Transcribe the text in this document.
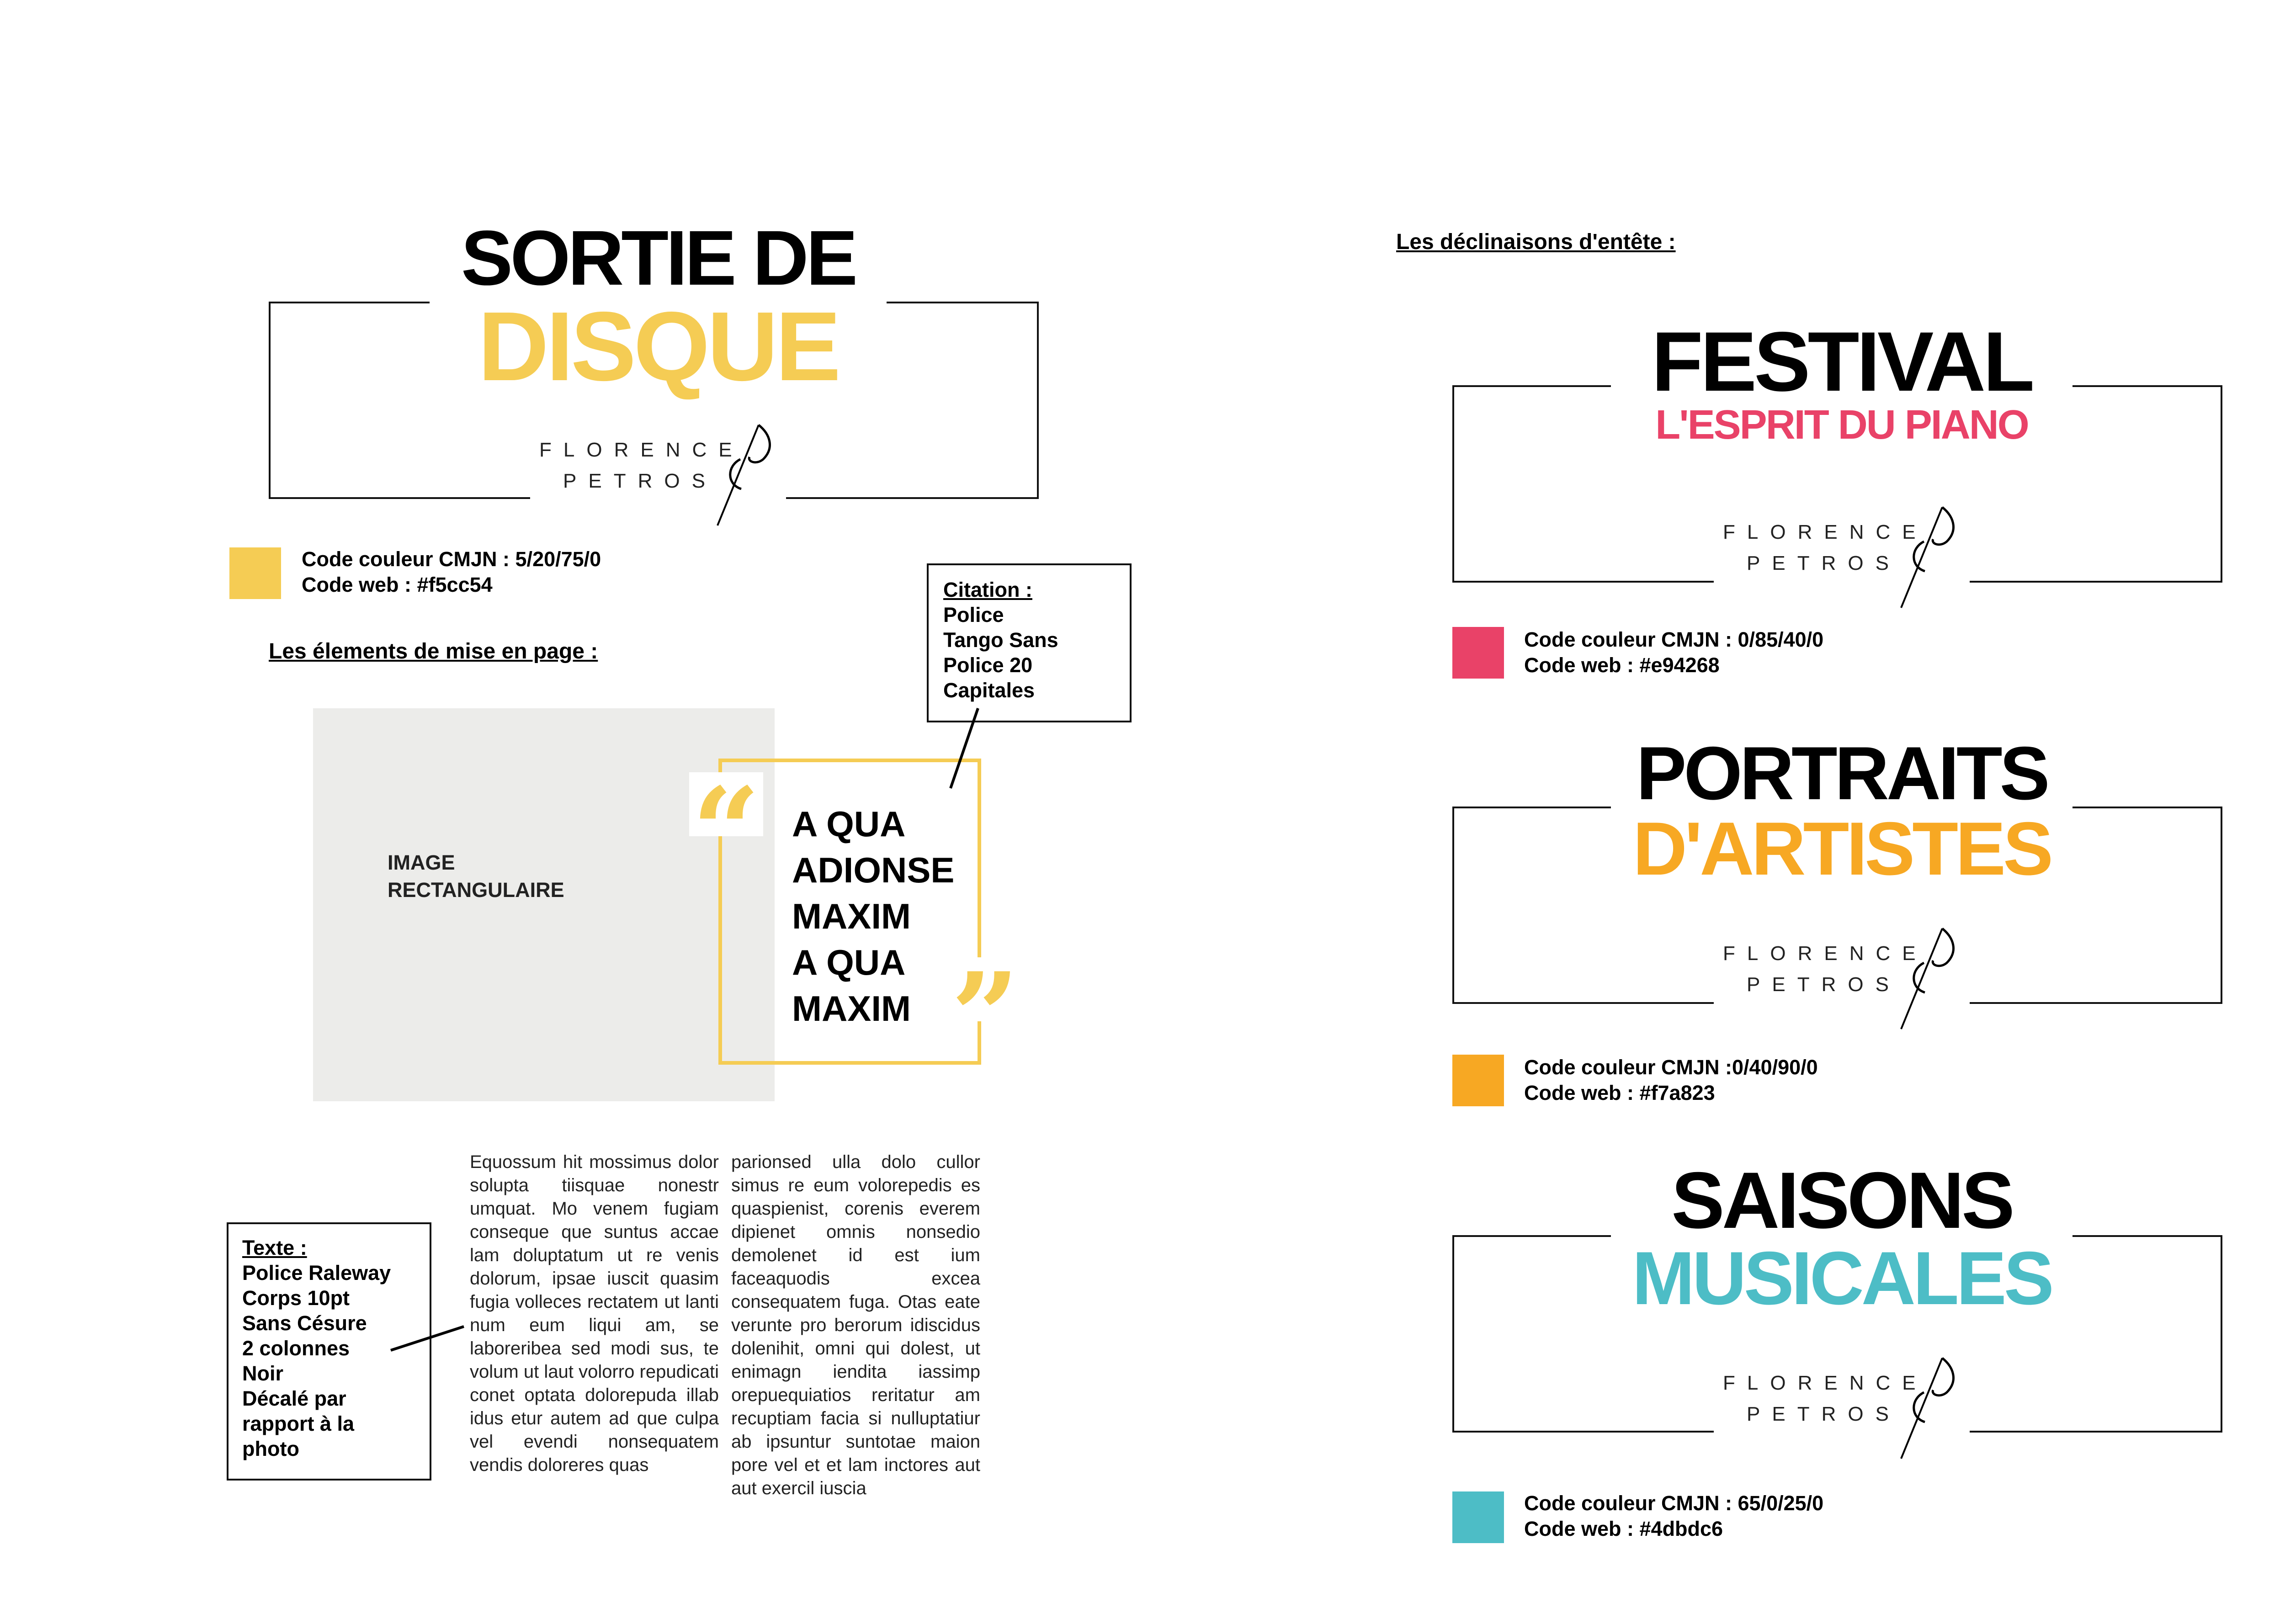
SORTIE DE
DISQUE
FLORENCE
PETROS
Code couleur CMJN : 5/20/75/0
Code web : #f5cc54
Les élements de mise en page :
IMAGE
RECTANGULAIRE “
”
A QUA
ADIONSE
MAXIM
A QUA
MAXIM
Citation :
Police
Tango Sans
Police 20
Capitales
Texte :
Police Raleway
Corps 10pt
Sans Césure
2 colonnes
Noir
Décalé par
rapport à la
photo
Equossum hit mossimus dolor solupta tiisquae nonestr umquat. Mo venem fugiam conseque que suntus accae lam doluptatum ut re venis dolorum, ipsae iuscit quasim fugia volleces rectatem ut lanti num eum liqui am, se laboreribea sed modi sus, te volum ut laut volorro repudicati conet optata dolorepuda illab idus etur autem ad que culpa vel evendi nonsequatem vendis doloreres quas
parionsed ulla dolo cullor simus re eum volorepedis es quaspienist, corenis everem dipienet omnis nonsedio demolenet id est ium faceaquodis excea consequatem fuga. Otas eate verunte pro berorum idiscidus dolenihit, omni qui dolest, ut enimagn iendita iassimp orepuequiatios reritatur am recuptiam facia si nulluptatiur ab ipsuntur suntotae maion pore vel et et lam inctores aut aut exercil iuscia
Les déclinaisons d'entête :
FESTIVAL
L'ESPRIT DU PIANO
FLORENCE
PETROS
Code couleur CMJN : 0/85/40/0
Code web : #e94268
PORTRAITS
D'ARTISTES
FLORENCE
PETROS
Code couleur CMJN :0/40/90/0
Code web : #f7a823
SAISONS
MUSICALES
FLORENCE
PETROS
Code couleur CMJN : 65/0/25/0
Code web : #4dbdc6
